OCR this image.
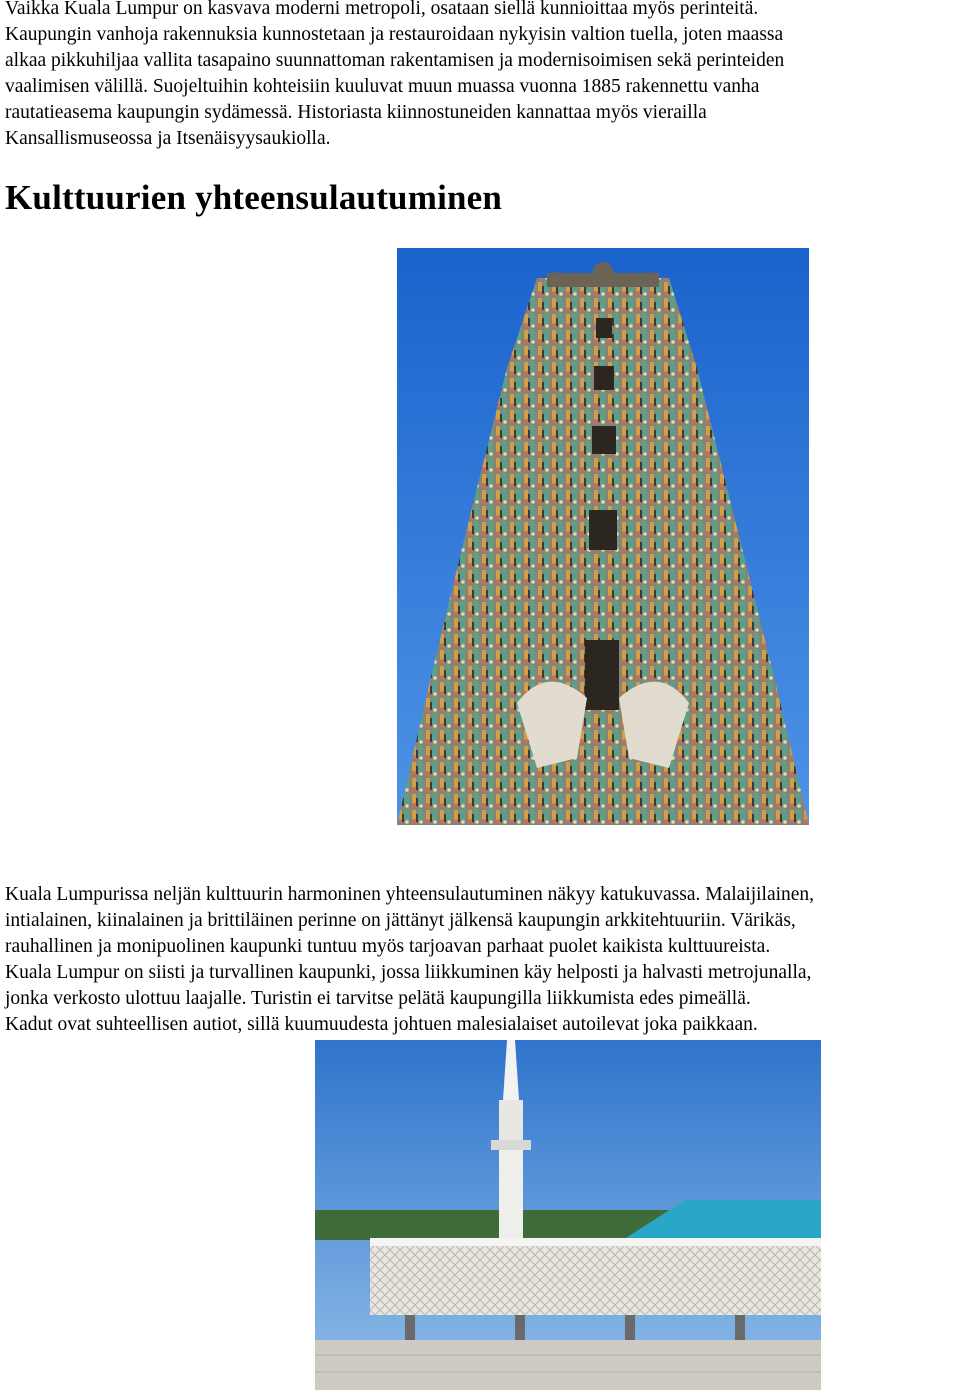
Vaikka Kuala Lumpur on kasvava moderni metropoli, osataan siellä kunnioittaa myös perinteitä.
Kaupungin vanhoja rakennuksia kunnostetaan ja restauroidaan nykyisin valtion tuella, joten maassa
alkaa pikkuhiljaa vallita tasapaino suunnattoman rakentamisen ja modernisoimisen sekä perinteiden
vaalimisen välillä. Suojeltuihin kohteisiin kuuluvat muun muassa vuonna 1885 rakennettu vanha
rautatieasema kaupungin sydämessä. Historiasta kiinnostuneiden kannattaa myös vierailla
Kansallismuseossa ja Itsenäisyysaukiolla.
Kulttuurien yhteensulautuminen
Kuala Lumpurissa neljän kulttuurin harmoninen yhteensulautuminen näkyy katukuvassa. Malaijilainen,
intialainen, kiinalainen ja brittiläinen perinne on jättänyt jälkensä kaupungin arkkitehtuuriin. Värikäs,
rauhallinen ja monipuolinen kaupunki tuntuu myös tarjoavan parhaat puolet kaikista kulttuureista.
Kuala Lumpur on siisti ja turvallinen kaupunki, jossa liikkuminen käy helposti ja halvasti metrojunalla,
jonka verkosto ulottuu laajalle. Turistin ei tarvitse pelätä kaupungilla liikkumista edes pimeällä.
Kadut ovat suhteellisen autiot, sillä kuumuudesta johtuen malesialaiset autoilevat joka paikkaan.
